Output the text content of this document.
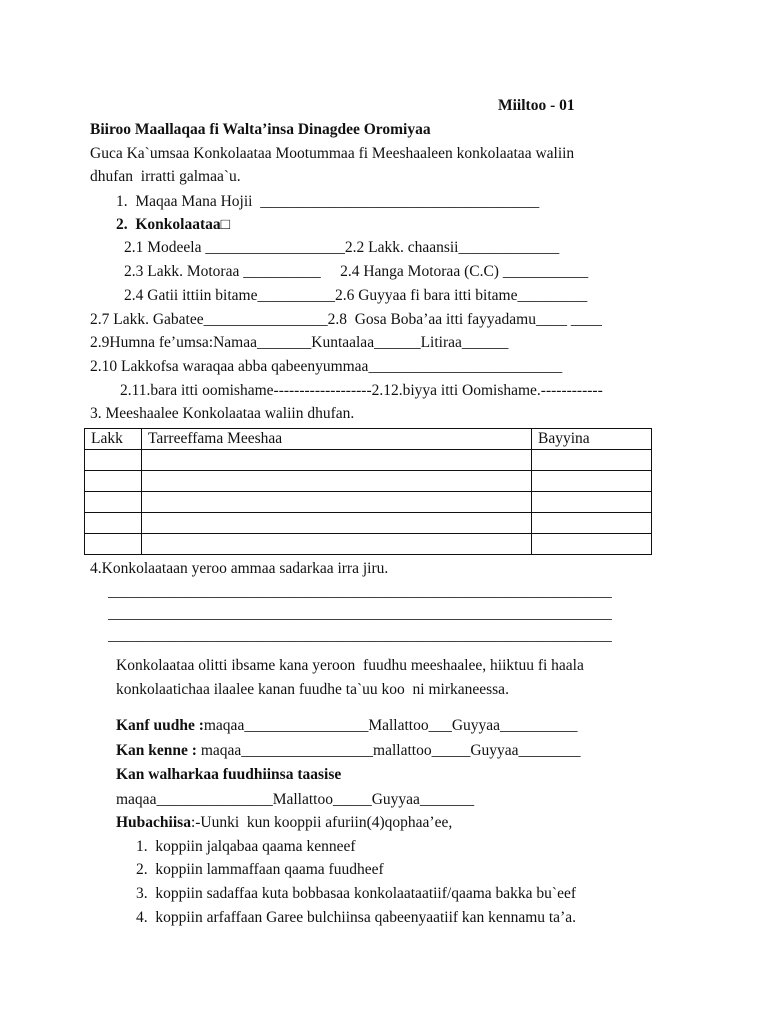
Miiltoo - 01
Biiroo Maallaqaa fi Walta’insa Dinagdee Oromiyaa
Guca Ka`umsaa Konkolaataa Mootummaa fi Meeshaaleen konkolaataa waliin
dhufan  irratti galmaa`u.
1.  Maqaa Mana Hojii  ____________________________________
2.  Konkolaataa□
2.1 Modeela __________________2.2 Lakk. chaansii_____________
2.3 Lakk. Motoraa __________     2.4 Hanga Motoraa (C.C) ___________
2.4 Gatii ittiin bitame__________2.6 Guyyaa fi bara itti bitame_________
2.7 Lakk. Gabatee________________2.8  Gosa Boba’aa itti fayyadamu____ ____
2.9Humna fe’umsa:Namaa_______Kuntaalaa______Litiraa______
2.10 Lakkofsa waraqaa abba qabeenyummaa_________________________
2.11.bara itti oomishame-------------------2.12.biyya itti Oomishame.------------
3. Meeshaalee Konkolaataa waliin dhufan.
Lakk	Tarreeffama Meeshaa	Bayyina

4.Konkolaataan yeroo ammaa sadarkaa irra jiru.
_________________________________________________________________
_________________________________________________________________
_________________________________________________________________
Konkolaataa olitti ibsame kana yeroon  fuudhu meeshaalee, hiiktuu fi haala
konkolaatichaa ilaalee kanan fuudhe ta`uu koo  ni mirkaneessa.
Kanf uudhe :maqaa________________Mallattoo___Guyyaa__________
Kan kenne : maqaa_________________mallattoo_____Guyyaa________
Kan walharkaa fuudhiinsa taasise
maqaa_______________Mallattoo_____Guyyaa_______
Hubachiisa:-Uunki  kun kooppii afuriin(4)qophaa’ee,
1.  koppiin jalqabaa qaama kenneef
2.  koppiin lammaffaan qaama fuudheef
3.  koppiin sadaffaa kuta bobbasaa konkolaataatiif/qaama bakka bu`eef
4.  koppiin arfaffaan Garee bulchiinsa qabeenyaatiif kan kennamu ta’a.
